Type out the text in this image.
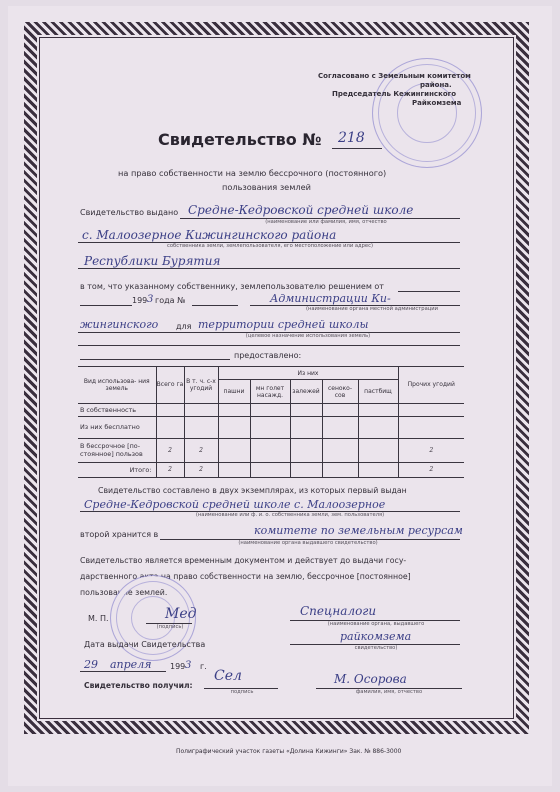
Согласовано с Земельным комитетом
района.
Председатель Кежингинского
Райкомзема
Свидетельство № 218
на право собственности на землю бессрочного (постоянного)
пользования землей
Свидетельство выдано Средне-Кедровской средней школе
(наименование или фамилия, имя, отчество
с. Малоозерное Кижингинского района
собственника земли, землепользователя, его местоположение или адрес)
Республики Бурятия
в том, что указанному собственнику, землепользователю решением от
199 3 года №	Администрации Ки-
(наименование органа местной администрации
жингинского для территории средней школы
(целевое назначение использования земель)
предоставлено:
Вид использова- ния земель	Всего га	В т. ч. с-х угодий	Из них					Прочих угодий
			пашни	мн голет насажд.	залежей	сеноко- сов	пастбищ	
В собственность								
Из них бесплатно								
В бессрочное [по- стоянное] пользов	2	2						2
Итого:	2	2						2
Свидетельство составлено в двух экземплярах, из которых первый выдан
Средне-Кедровской средней школе с. Малоозерное
(наименование или ф. и. о. собственника земли, зем. пользователя)
второй хранится в	комитете по земельным ресурсам
(наименование органа выдавшего свидетельство)
Свидетельство является временным документом и действует до выдачи госу-
дарственного акта на право собственности на землю, бессрочное [постоянное]
пользование землей.
М. П.	Мед
(подпись)
Спецналоги
(наименование органа, выдавшего
райкомзема
свидетельство)
Дата выдачи Свидетельства
29 апреля 199 3 г.
Свидетельство получил:
Сел
подпись
М. Осорова
фамилия, имя, отчество
Полиграфический участок газеты «Долина Кижинги» Зак. № 886-3000
